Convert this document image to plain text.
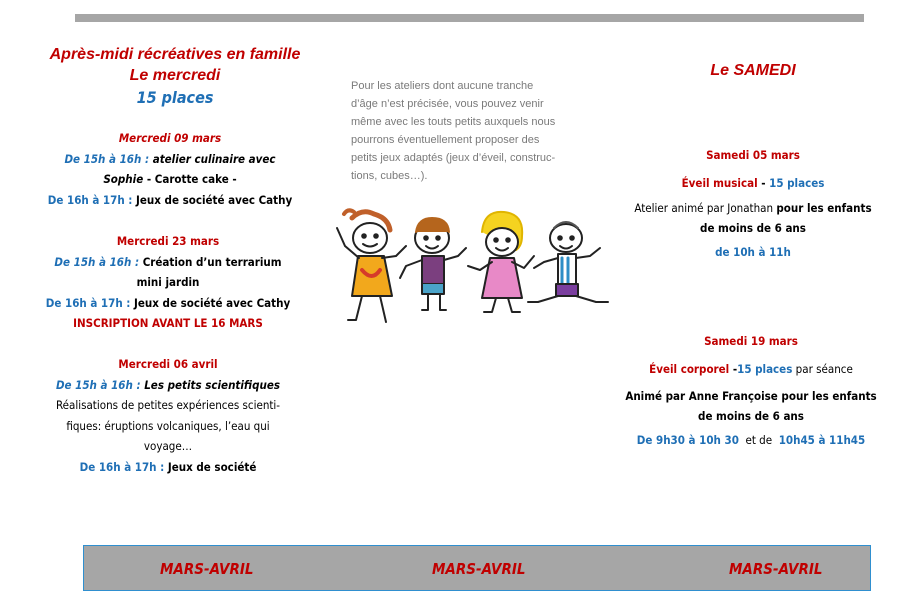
Après-midi récréatives en famille
Le mercredi
15 places
Mercredi 09 mars
De 15h à 16h : atelier culinaire avec
Sophie - Carotte cake -
De 16h à 17h : Jeux de société avec Cathy
Mercredi 23 mars
De 15h à 16h : Création d’un terrarium
mini jardin
De 16h à 17h : Jeux de société avec Cathy
INSCRIPTION AVANT LE 16 MARS
Mercredi 06 avril
De 15h à 16h : Les petits scientifiques
Réalisations de petites expériences scienti-
fiques: éruptions volcaniques, l’eau qui
voyage…
De 16h à 17h : Jeux de société
Pour les ateliers dont aucune tranche
d’âge n’est précisée, vous pouvez venir
même avec les touts petits auxquels nous
pourrons éventuellement proposer des
petits jeux adaptés (jeux d’éveil, construc-
tions, cubes…).
Le SAMEDI
Samedi 05 mars
Éveil musical - 15 places
Atelier animé par Jonathan pour les enfants
de moins de 6 ans
de 10h à 11h
Samedi 19 mars
Éveil corporel -15 places par séance
Animé par Anne Françoise pour les enfants
de moins de 6 ans
De 9h30 à 10h 30  et de  10h45 à 11h45
MARS-AVRIL	MARS-AVRIL	MARS-AVRIL
